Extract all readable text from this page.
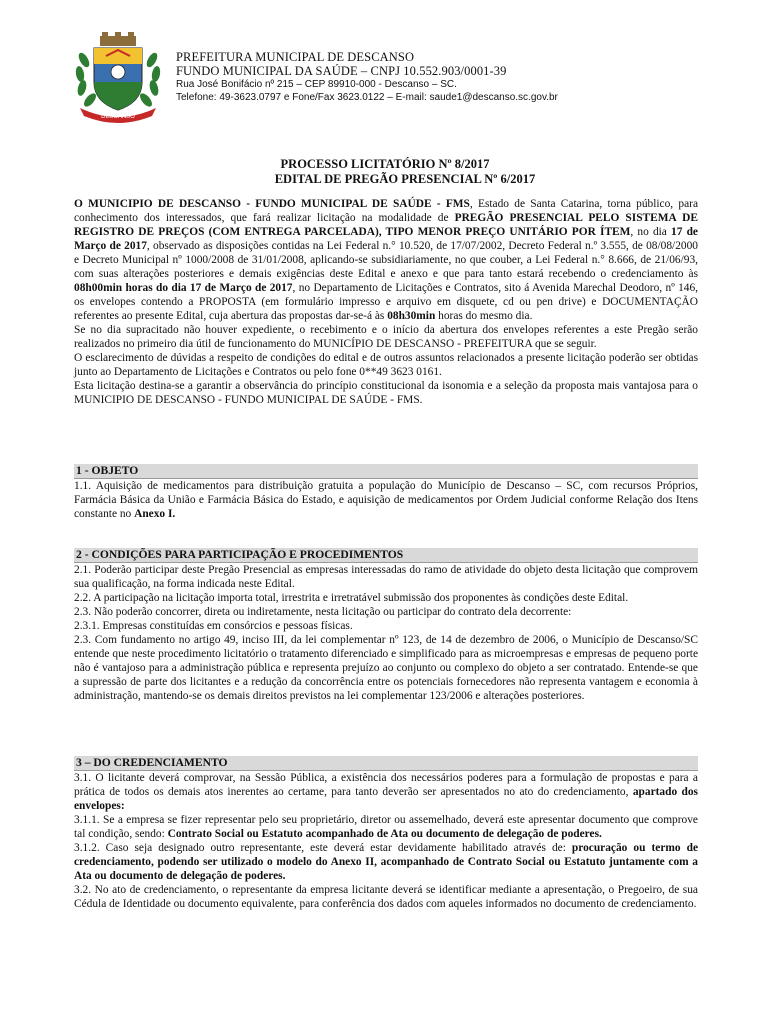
DESCANSO
PREFEITURA MUNICIPAL DE DESCANSO
FUNDO MUNICIPAL DA SAÚDE – CNPJ 10.552.903/0001-39
Rua José Bonifácio nº 215 – CEP 89910-000 - Descanso – SC.
Telefone: 49-3623.0797 e Fone/Fax 3623.0122 – E-mail: saude1@descanso.sc.gov.br
PROCESSO LICITATÓRIO Nº 8/2017
EDITAL DE PREGÃO PRESENCIAL Nº 6/2017

O MUNICIPIO DE DESCANSO - FUNDO MUNICIPAL DE SAÚDE - FMS, Estado de Santa Catarina, torna público, para conhecimento dos interessados, que fará realizar licitação na modalidade de PREGÃO PRESENCIAL PELO SISTEMA DE REGISTRO DE PREÇOS (COM ENTREGA PARCELADA), TIPO MENOR PREÇO UNITÁRIO POR ÍTEM, no dia 17 de Março de 2017, observado as disposições contidas na Lei Federal n.° 10.520, de 17/07/2002, Decreto Federal n.º 3.555, de 08/08/2000 e Decreto Municipal nº 1000/2008 de 31/01/2008, aplicando-se subsidiariamente, no que couber, a Lei Federal n.° 8.666, de 21/06/93, com suas alterações posteriores e demais exigências deste Edital e anexo e que para tanto estará recebendo o credenciamento às 08h00min horas do dia 17 de Março de 2017, no Departamento de Licitações e Contratos, sito á Avenida Marechal Deodoro, nº 146, os envelopes contendo a PROPOSTA (em formulário impresso e arquivo em disquete, cd ou pen drive) e DOCUMENTAÇÃO referentes ao presente Edital, cuja abertura das propostas dar-se-á às 08h30min horas do mesmo dia.

Se no dia supracitado não houver expediente, o recebimento e o início da abertura dos envelopes referentes a este Pregão serão realizados no primeiro dia útil de funcionamento do MUNICÍPIO DE DESCANSO - PREFEITURA que se seguir.

O esclarecimento de dúvidas a respeito de condições do edital e de outros assuntos relacionados a presente licitação poderão ser obtidas junto ao Departamento de Licitações e Contratos ou pelo fone 0**49 3623 0161.

Esta licitação destina-se a garantir a observância do princípio constitucional da isonomia e a seleção da proposta mais vantajosa para o MUNICIPIO DE DESCANSO - FUNDO MUNICIPAL DE SAÚDE - FMS.

1 - OBJETO

1.1. Aquisição de medicamentos para distribuição gratuita a população do Município de Descanso – SC, com recursos Próprios, Farmácia Básica da União e Farmácia Básica do Estado, e aquisição de medicamentos por Ordem Judicial conforme Relação dos Itens constante no Anexo I.

2 - CONDIÇÕES PARA PARTICIPAÇÃO E PROCEDIMENTOS

2.1. Poderão participar deste Pregão Presencial as empresas interessadas do ramo de atividade do objeto desta licitação que comprovem sua qualificação, na forma indicada neste Edital.

2.2. A participação na licitação importa total, irrestrita e irretratável submissão dos proponentes às condições deste Edital.

2.3. Não poderão concorrer, direta ou indiretamente, nesta licitação ou participar do contrato dela decorrente:

2.3.1. Empresas constituídas em consórcios e pessoas físicas.

2.3. Com fundamento no artigo 49, inciso III, da lei complementar nº 123, de 14 de dezembro de 2006, o Município de Descanso/SC entende que neste procedimento licitatório o tratamento diferenciado e simplificado para as microempresas e empresas de pequeno porte não é vantajoso para a administração pública e representa prejuízo ao conjunto ou complexo do objeto a ser contratado. Entende-se que a supressão de parte dos licitantes e a redução da concorrência entre os potenciais fornecedores não representa vantagem e economia à administração, mantendo-se os demais direitos previstos na lei complementar 123/2006 e alterações posteriores.

3 – DO CREDENCIAMENTO

3.1. O licitante deverá comprovar, na Sessão Pública, a existência dos necessários poderes para a formulação de propostas e para a prática de todos os demais atos inerentes ao certame, para tanto deverão ser apresentados no ato do credenciamento, apartado dos envelopes:

3.1.1. Se a empresa se fizer representar pelo seu proprietário, diretor ou assemelhado, deverá este apresentar documento que comprove tal condição, sendo: Contrato Social ou Estatuto acompanhado de Ata ou documento de delegação de poderes.

3.1.2. Caso seja designado outro representante, este deverá estar devidamente habilitado através de: procuração ou termo de credenciamento, podendo ser utilizado o modelo do Anexo II, acompanhado de Contrato Social ou Estatuto juntamente com a Ata ou documento de delegação de poderes.

3.2. No ato de credenciamento, o representante da empresa licitante deverá se identificar mediante a apresentação, o Pregoeiro, de sua Cédula de Identidade ou documento equivalente, para conferência dos dados com aqueles informados no documento de credenciamento.
